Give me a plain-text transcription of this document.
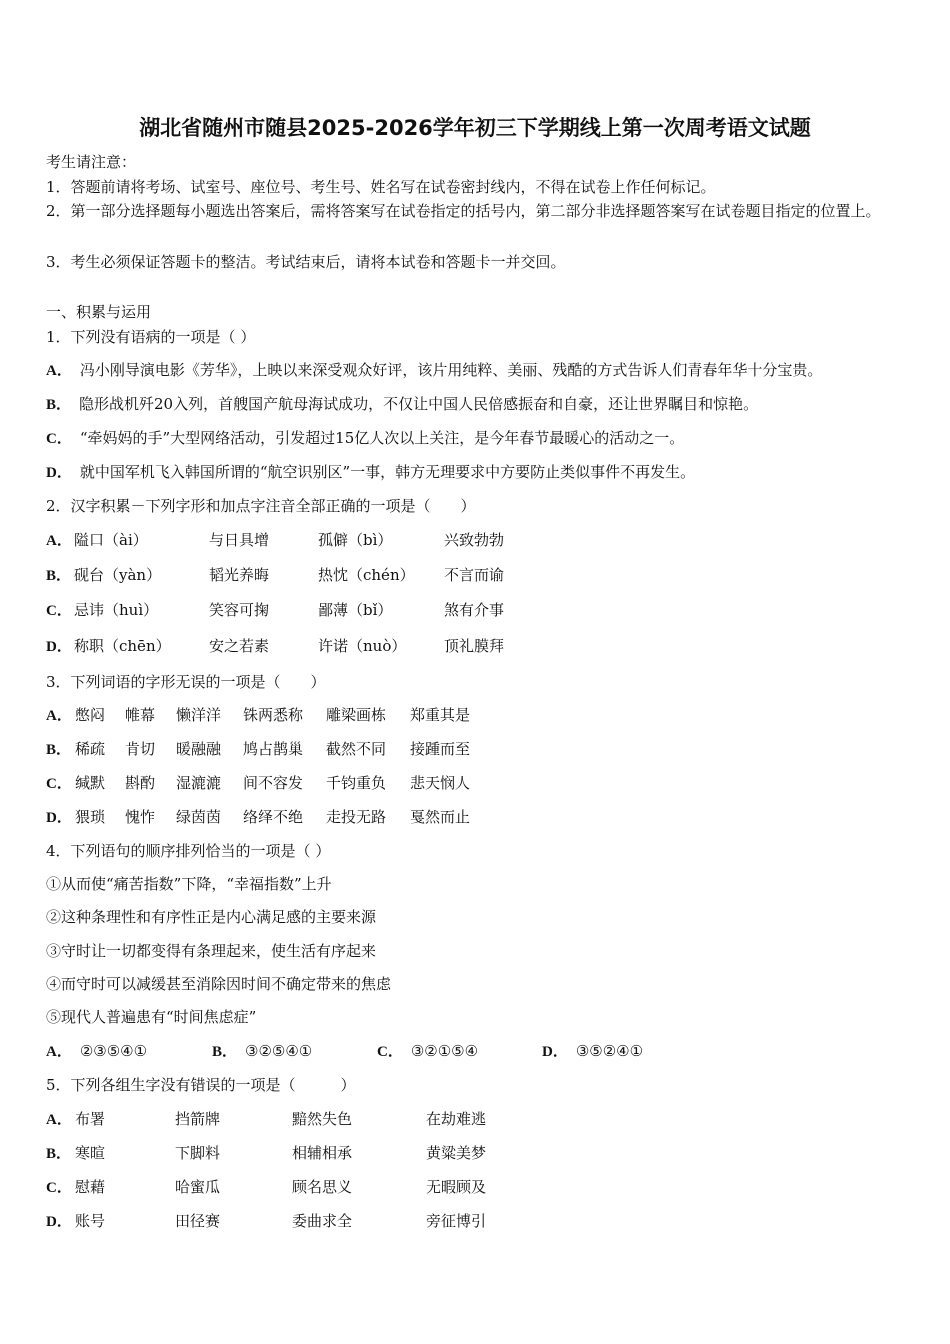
湖北省随州市随县2025-2026学年初三下学期线上第一次周考语文试题
考生请注意：
1．答题前请将考场、试室号、座位号、考生号、姓名写在试卷密封线内，不得在试卷上作任何标记。
2．第一部分选择题每小题选出答案后，需将答案写在试卷指定的括号内，第二部分非选择题答案写在试卷题目指定的位置上。
3．考生必须保证答题卡的整洁。考试结束后，请将本试卷和答题卡一并交回。
一、积累与运用
1．下列没有语病的一项是（ ）
A． 冯小刚导演电影《芳华》，上映以来深受观众好评，该片用纯粹、美丽、残酷的方式告诉人们青春年华十分宝贵。
B． 隐形战机歼20入列，首艘国产航母海试成功，不仅让中国人民倍感振奋和自豪，还让世界瞩目和惊艳。
C． “牵妈妈的手”大型网络活动，引发超过15亿人次以上关注，是今年春节最暖心的活动之一。
D． 就中国军机飞入韩国所谓的“航空识别区”一事，韩方无理要求中方要防止类似事件不再发生。
2．汉字积累－下列字形和加点字注音全部正确的一项是（　　）
A． 隘口（ài）	与日具增	孤僻（bì）	兴致勃勃
B． 砚台（yàn）	韬光养晦	热忱（chén） 不言而谕
C． 忌讳（huì）	笑容可掬	鄙薄（bǐ）	煞有介事
D． 称职（chēn）	安之若素	许诺（nuò）	顶礼膜拜
3．下列词语的字形无误的一项是（　　）
A． 憋闷 帷幕 懒洋洋 铢两悉称 雕梁画栋 郑重其是
B． 稀疏 肯切 暖融融 鸠占鹊巢 截然不同 接踵而至
C． 缄默 斟酌 湿漉漉 间不容发 千钧重负 悲天悯人
D． 猥琐 愧怍 绿茵茵 络绎不绝 走投无路 戛然而止
4．下列语句的顺序排列恰当的一项是（ ）
①从而使“痛苦指数”下降，“幸福指数”上升
②这种条理性和有序性正是内心满足感的主要来源
③守时让一切都变得有条理起来，使生活有序起来
④而守时可以减缓甚至消除因时间不确定带来的焦虑
⑤现代人普遍患有“时间焦虑症”
A． ②③⑤④①	B． ③②⑤④①	C． ③②①⑤④	D． ③⑤②④①
5．下列各组生字没有错误的一项是（　　　）
A． 布署	挡箭牌	黯然失色	在劫难逃
B． 寒暄	下脚料	相辅相承	黄粱美梦
C． 慰藉	哈蜜瓜	顾名思义	无暇顾及
D． 账号	田径赛	委曲求全	旁征博引
